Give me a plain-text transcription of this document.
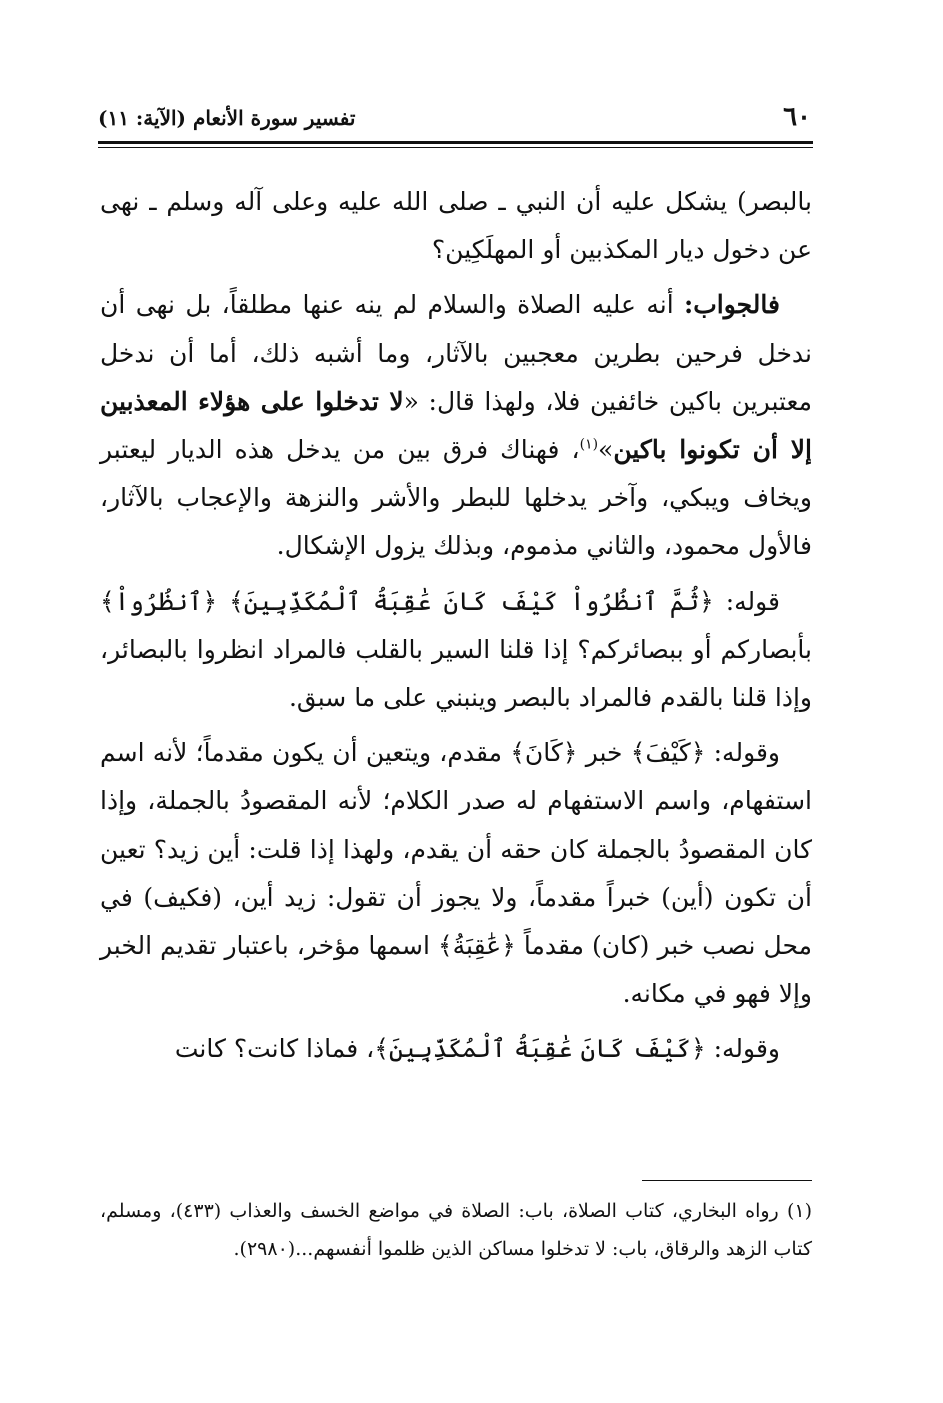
٦٠
تفسير سورة الأنعام (الآية: ١١)

بالبصر) يشكل عليه أن النبي ـ صلى الله عليه وعلى آله وسلم ـ نهى عن دخول ديار المكذبين أو المهلَكِين؟

فالجواب: أنه عليه الصلاة والسلام لم ينه عنها مطلقاً، بل نهى أن ندخل فرحين بطرين معجبين بالآثار، وما أشبه ذلك، أما أن ندخل معتبرين باكين خائفين فلا، ولهذا قال: «لا تدخلوا على هؤلاء المعذبين إلا أن تكونوا باكين»$^{(١)}$، فهناك فرق بين من يدخل هذه الديار ليعتبر ويخاف ويبكي، وآخر يدخلها للبطر والأشر والنزهة والإعجاب بالآثار، فالأول محمود، والثاني مذموم، وبذلك يزول الإشكال.

قوله: ﴿ثُمَّ ٱنظُرُواْ كَيْفَ كَانَ عَٰقِبَةُ ٱلْمُكَذِّبِينَ﴾ ﴿ٱنظُرُواْ﴾ بأبصاركم أو ببصائركم؟ إذا قلنا السير بالقلب فالمراد انظروا بالبصائر، وإذا قلنا بالقدم فالمراد بالبصر وينبني على ما سبق.

وقوله: ﴿كَيْفَ﴾ خبر ﴿كَانَ﴾ مقدم، ويتعين أن يكون مقدماً؛ لأنه اسم استفهام، واسم الاستفهام له صدر الكلام؛ لأنه المقصودُ بالجملة، وإذا كان المقصودُ بالجملة كان حقه أن يقدم، ولهذا إذا قلت: أين زيد؟ تعين أن تكون (أين) خبراً مقدماً، ولا يجوز أن تقول: زيد أين، (فكيف) في محل نصب خبر (كان) مقدماً ﴿عَٰقِبَةُ﴾ اسمها مؤخر، باعتبار تقديم الخبر وإلا فهو في مكانه.

وقوله: ﴿كَيْفَ كَانَ عَٰقِبَةُ ٱلْمُكَذِّبِينَ﴾، فماذا كانت؟ كانت

(١) رواه البخاري، كتاب الصلاة، باب: الصلاة في مواضع الخسف والعذاب (٤٣٣)، ومسلم، كتاب الزهد والرقاق، باب: لا تدخلوا مساكن الذين ظلموا أنفسهم...(٢٩٨٠).
